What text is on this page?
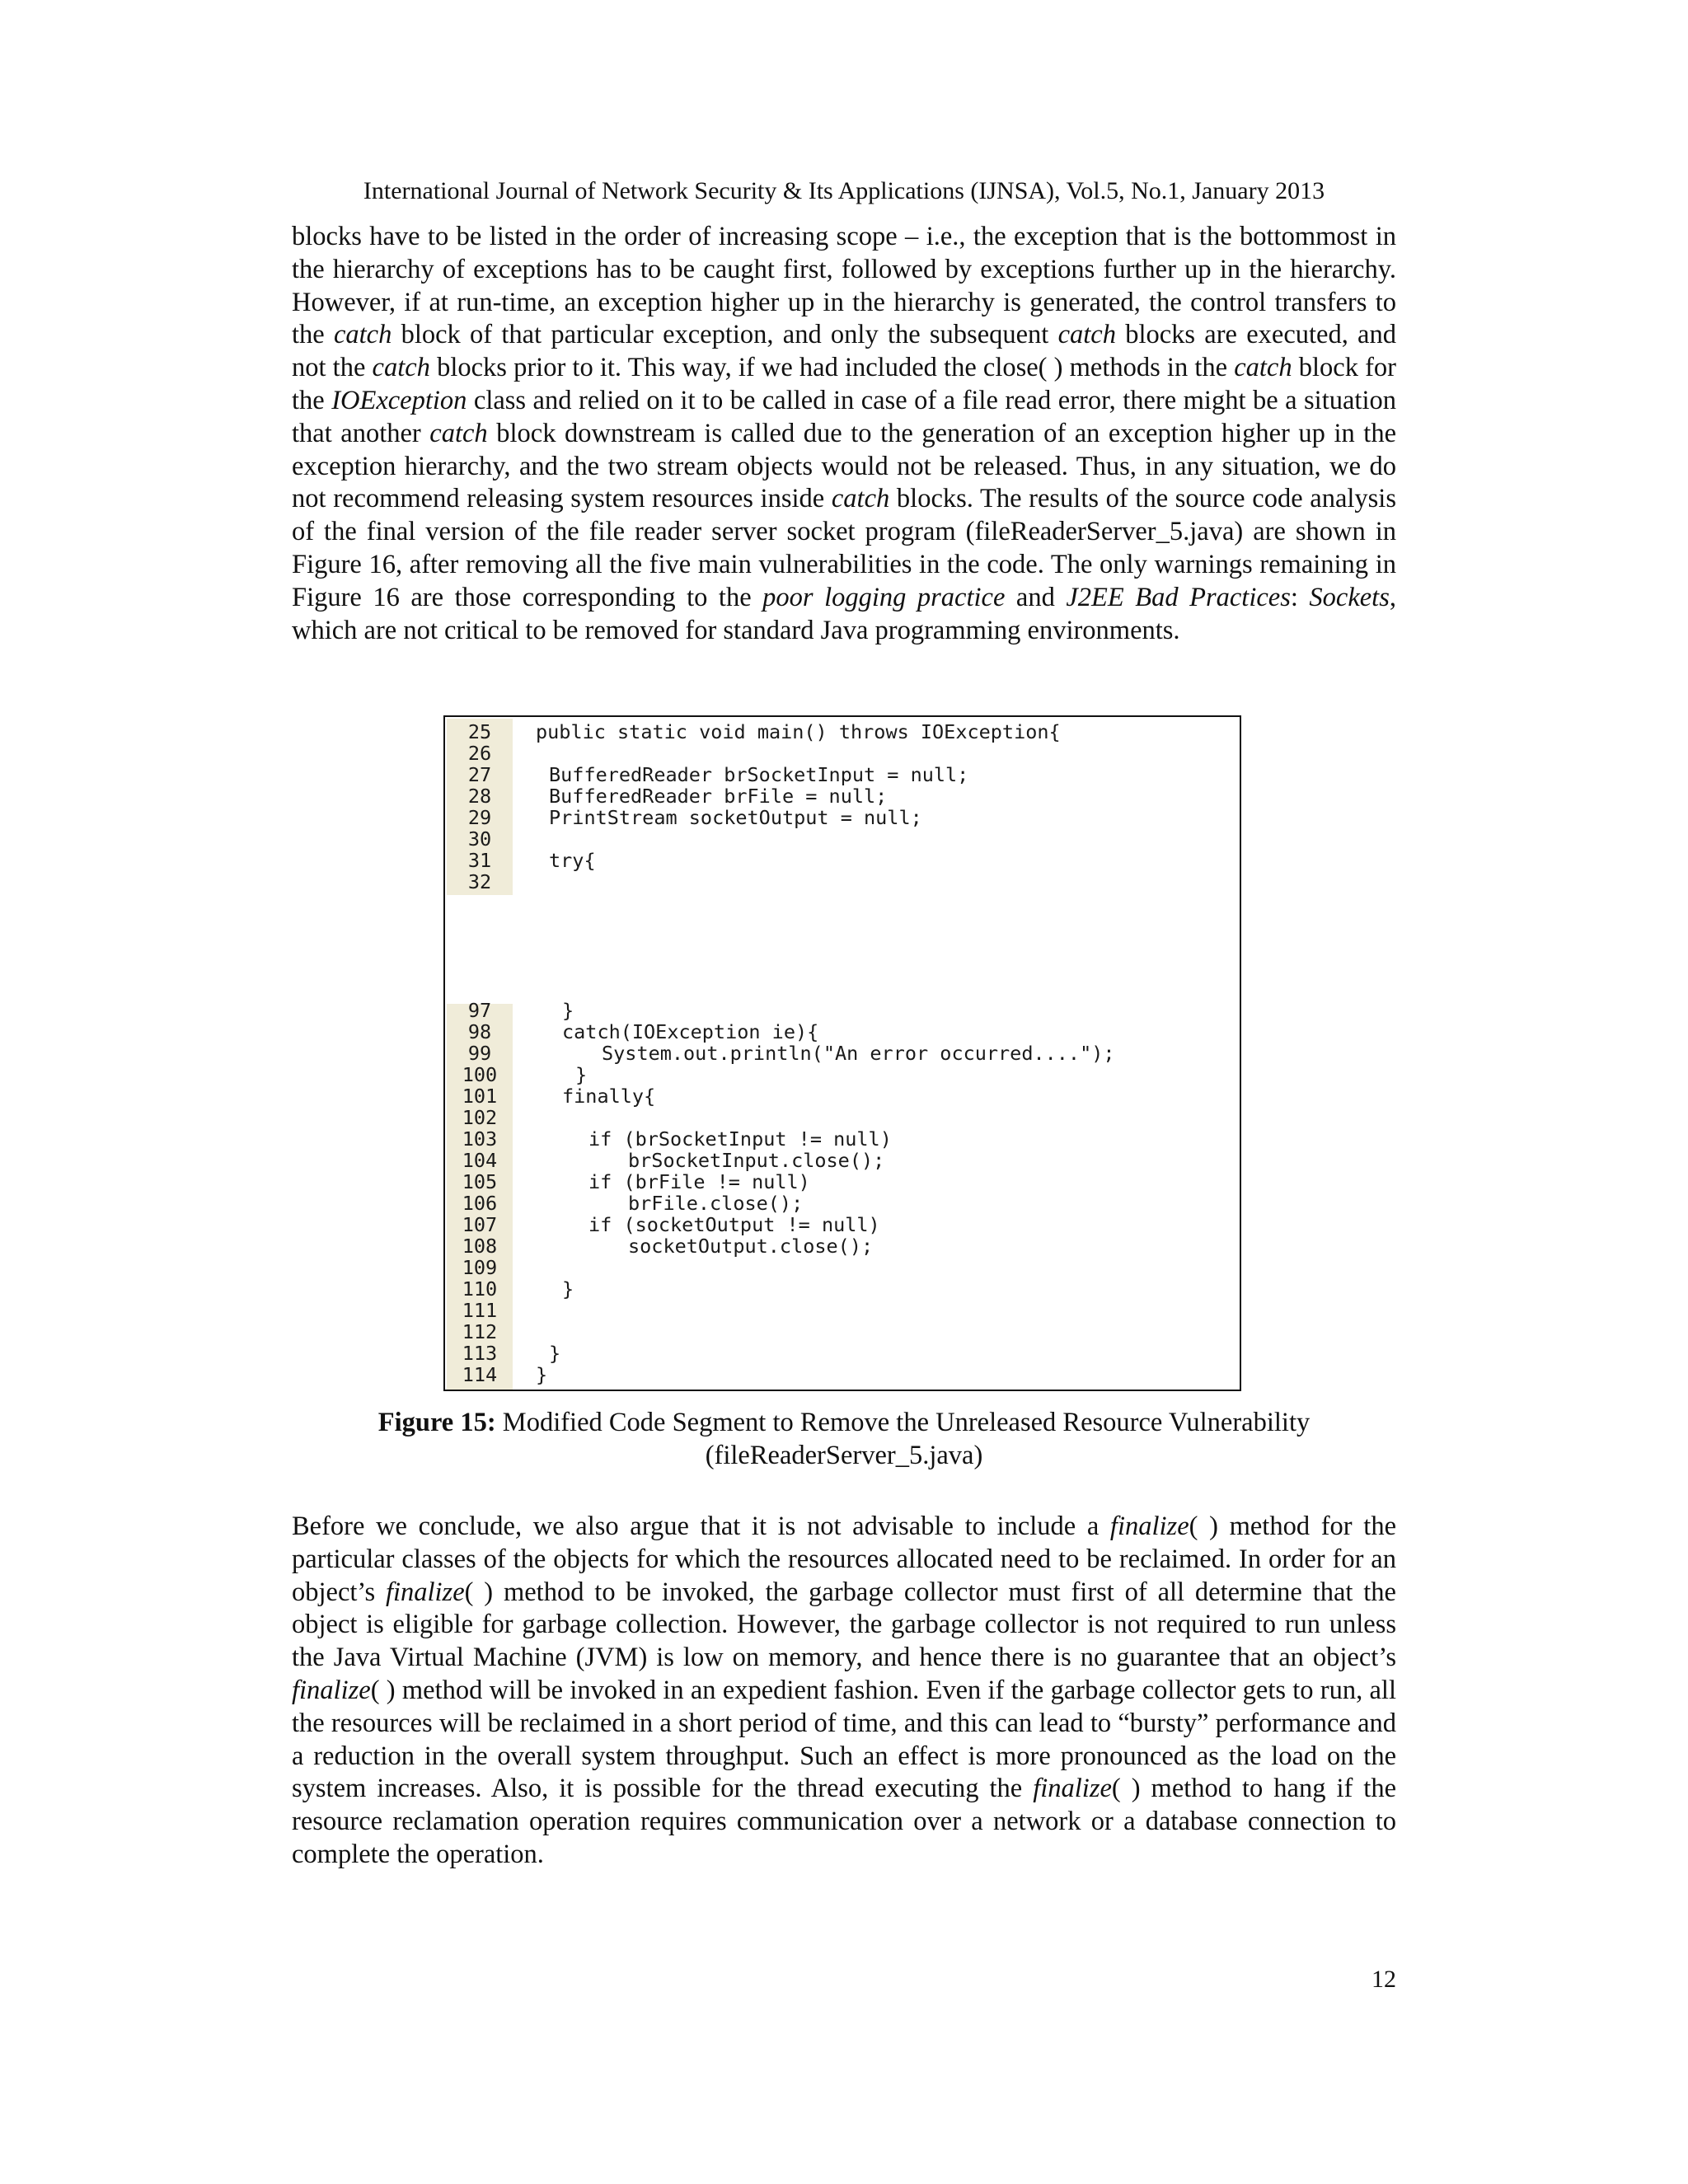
International Journal of Network Security & Its Applications (IJNSA), Vol.5, No.1, January 2013
blocks have to be listed in the order of increasing scope – i.e., the exception that is the bottommost in the hierarchy of exceptions has to be caught first, followed by exceptions further up in the hierarchy. However, if at run-time, an exception higher up in the hierarchy is generated, the control transfers to the catch block of that particular exception, and only the subsequent catch blocks are executed, and not the catch blocks prior to it. This way, if we had included the close( ) methods in the catch block for the IOException class and relied on it to be called in case of a file read error, there might be a situation that another catch block downstream is called due to the generation of an exception higher up in the exception hierarchy, and the two stream objects would not be released. Thus, in any situation, we do not recommend releasing system resources inside catch blocks. The results of the source code analysis of the final version of the file reader server socket program (fileReaderServer_5.java) are shown in Figure 16, after removing all the five main vulnerabilities in the code. The only warnings remaining in Figure 16 are those corresponding to the poor logging practice and J2EE Bad Practices: Sockets, which are not critical to be removed for standard Java programming environments.
25	public static void main() throws IOException{
26
27	BufferedReader brSocketInput = null;
28	BufferedReader brFile = null;
29	PrintStream socketOutput = null;
30
31	try{
32
97	}
98	catch(IOException ie){
99	System.out.println("An error occurred....");
100	}
101	finally{
102
103	if (brSocketInput != null)
104	brSocketInput.close();
105	if (brFile != null)
106	brFile.close();
107	if (socketOutput != null)
108	socketOutput.close();
109
110	}
111
112
113	}
114	}
Figure 15: Modified Code Segment to Remove the Unreleased Resource Vulnerability
(fileReaderServer_5.java)
Before we conclude, we also argue that it is not advisable to include a finalize( ) method for the particular classes of the objects for which the resources allocated need to be reclaimed. In order for an object’s finalize( ) method to be invoked, the garbage collector must first of all determine that the object is eligible for garbage collection. However, the garbage collector is not required to run unless the Java Virtual Machine (JVM) is low on memory, and hence there is no guarantee that an object’s finalize( ) method will be invoked in an expedient fashion. Even if the garbage collector gets to run, all the resources will be reclaimed in a short period of time, and this can lead to “bursty” performance and a reduction in the overall system throughput. Such an effect is more pronounced as the load on the system increases. Also, it is possible for the thread executing the finalize( ) method to hang if the resource reclamation operation requires communication over a network or a database connection to complete the operation.
12
